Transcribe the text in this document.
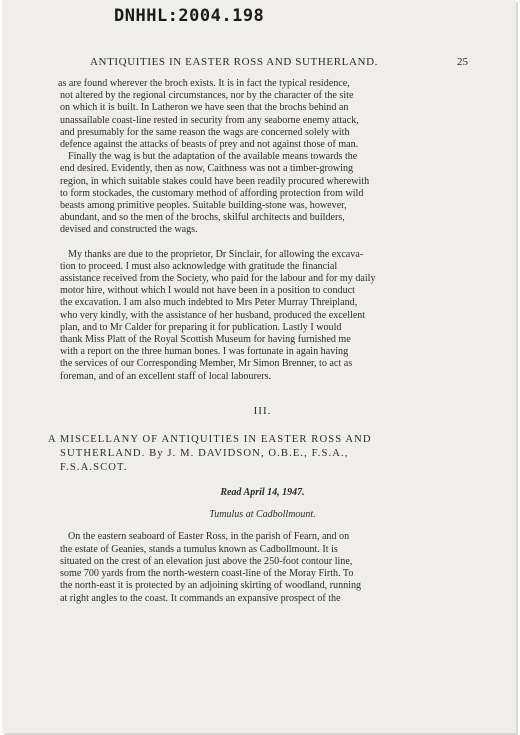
DNHHL:2004.198
ANTIQUITIES IN EASTER ROSS AND SUTHERLAND.	25

as are found wherever the broch exists. It is in fact the typical residence,

not altered by the regional circumstances, nor by the character of the site

on which it is built. In Latheron we have seen that the brochs behind an

unassailable coast-line rested in security from any seaborne enemy attack,

and presumably for the same reason the wags are concerned solely with

defence against the attacks of beasts of prey and not against those of man.

Finally the wag is but the adaptation of the available means towards the

end desired. Evidently, then as now, Caithness was not a timber-growing

region, in which suitable stakes could have been readily procured wherewith

to form stockades, the customary method of affording protection from wild

beasts among primitive peoples. Suitable building-stone was, however,

abundant, and so the men of the brochs, skilful architects and builders,

devised and constructed the wags.

My thanks are due to the proprietor, Dr Sinclair, for allowing the excava-

tion to proceed. I must also acknowledge with gratitude the financial

assistance received from the Society, who paid for the labour and for my daily

motor hire, without which I would not have been in a position to conduct

the excavation. I am also much indebted to Mrs Peter Murray Threipland,

who very kindly, with the assistance of her husband, produced the excellent

plan, and to Mr Calder for preparing it for publication. Lastly I would

thank Miss Platt of the Royal Scottish Museum for having furnished me

with a report on the three human bones. I was fortunate in again having

the services of our Corresponding Member, Mr Simon Brenner, to act as

foreman, and of an excellent staff of local labourers.

III.

A MISCELLANY OF ANTIQUITIES IN EASTER ROSS AND

SUTHERLAND. By J. M. DAVIDSON, O.B.E., F.S.A.,

F.S.A.SCOT.

Read April 14, 1947.
Tumulus at Cadbollmount.

On the eastern seaboard of Easter Ross, in the parish of Fearn, and on

the estate of Geanies, stands a tumulus known as Cadbollmount. It is

situated on the crest of an elevation just above the 250-foot contour line,

some 700 yards from the north-western coast-line of the Moray Firth. To

the north-east it is protected by an adjoining skirting of woodland, running

at right angles to the coast. It commands an expansive prospect of the
